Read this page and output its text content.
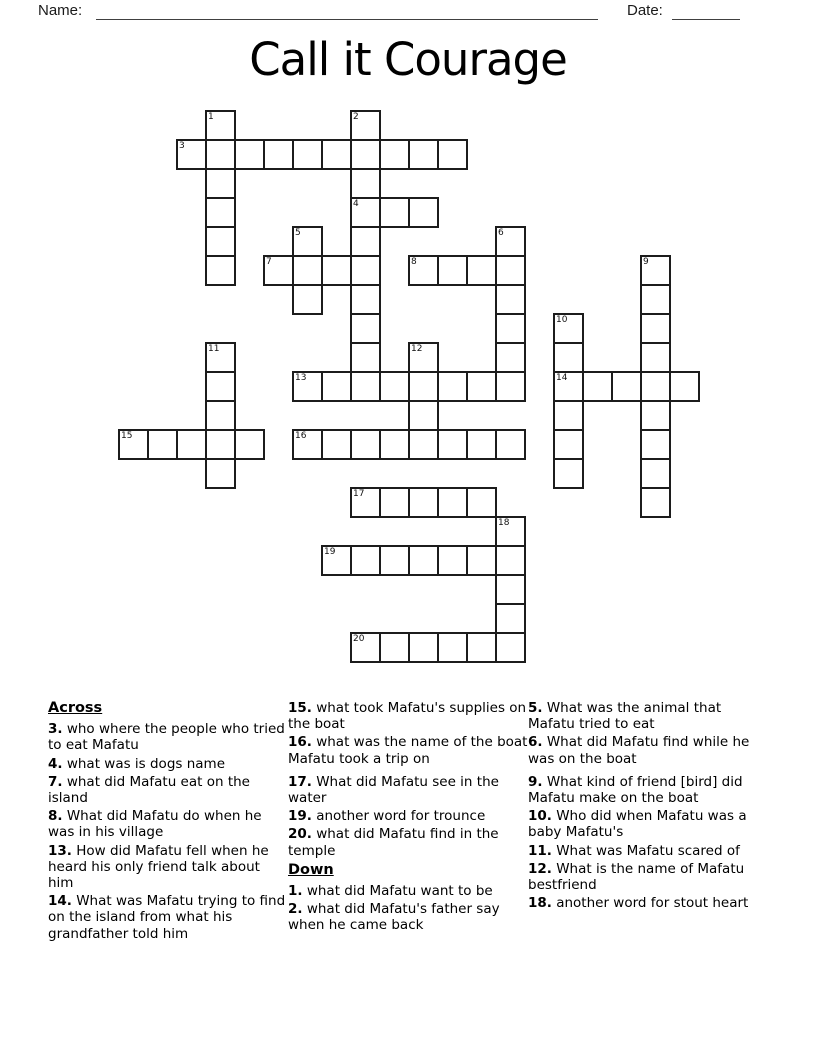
Name:	Date:
Call it Courage
1	2
3
4
5	6
7	8	9
10
11	12
13	14
15	16
17
18
19
20
Across

3. who where the people who tried to eat Mafatu

4. what was is dogs name

7. what did Mafatu eat on the island

8. What did Mafatu do when he was in his village

13. How did Mafatu fell when he heard his only friend talk about him

14. What was Mafatu trying to find on the island from what his grandfather told him

15. what took Mafatu's supplies on the boat

16. what was the name of the boat Mafatu took a trip on

17. What did Mafatu see in the water

19. another word for trounce

20. what did Mafatu find in the temple

Down

1. what did Mafatu want to be

2. what did Mafatu's father say when he came back

5. What was the animal that Mafatu tried to eat

6. What did Mafatu find while he was on the boat

9. What kind of friend [bird] did Mafatu make on the boat

10. Who did when Mafatu was a baby Mafatu's

11. What was Mafatu scared of

12. What is the name of Mafatu bestfriend

18. another word for stout heart
